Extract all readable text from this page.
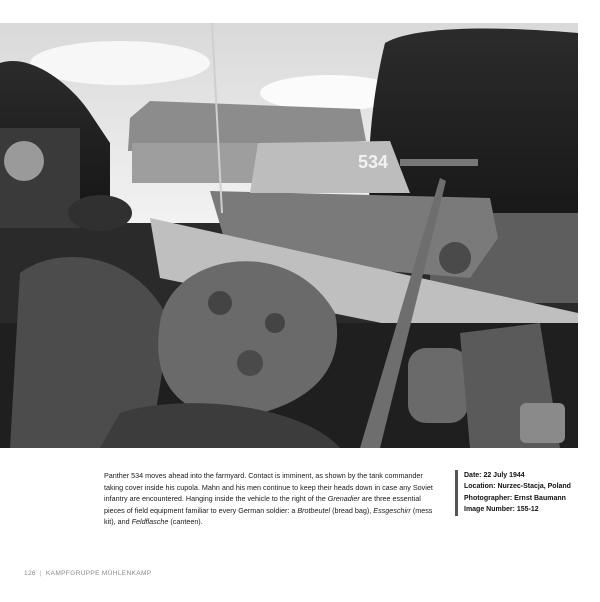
534

Panther 534 moves ahead into the farmyard. Contact is imminent, as shown by the tank commander taking cover inside his cupola. Mahn and his men continue to keep their heads down in case any Soviet infantry are encountered. Hanging inside the vehicle to the right of the Grenadier are three essential pieces of field equipment familiar to every German soldier: a Brotbeutel (bread bag), Essgeschirr (mess kit), and Feldflasche (canteen).

Date: 22 July 1944
Location: Nurzec-Stacja, Poland
Photographer: Ernst Baumann
Image Number: 155-12
126 | KAMPFGRUPPE MÜHLENKAMP
